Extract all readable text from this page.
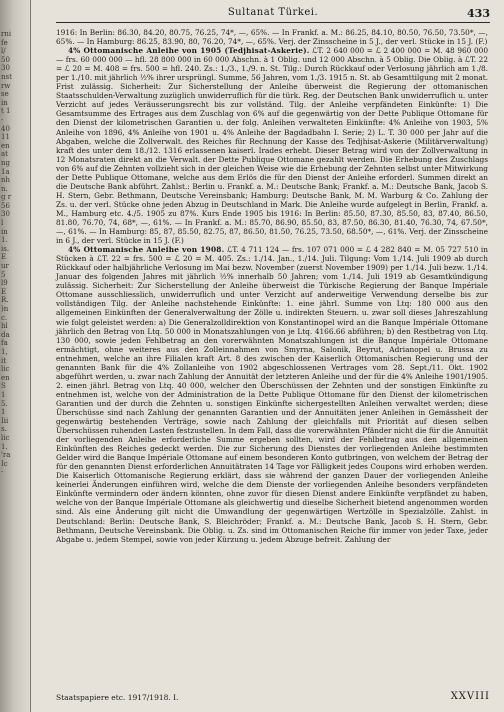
rni
fe
l/
50
30
nst
rw
se
in
t 1
-
40
11
en
at
ng
1a
nh
n.
g r
56
30
l
in
1.
is.
E
ur
5
l9
E
R.
)n
c.
hl
da
fa
1,
it
lic
en
S
1
5.
1
Iii
s.
lic
1.
'ra
Ic
-
Sultanat Türkei.	433

1916: In Berlin: 86.30, 84.20, 80.75, 76.25, 74*, —, 65%. — In Frankf. a. M.: 86.25, 84.10, 80.50, 76.50, 73.50*, —, 65%. — In Hamburg: 86.25, 83.90, 80, 76.20, 74*, —, 65%. Verj. der Zinsscheine in 5 J., der verl. Stücke in 15 J. (F.)

4% Ottomanische Anleihe von 1905 (Tedjhisat-Askerie). ℒT. 2 640 000 = ℒ 2 400 000 = M. 48 960 000 — frs. 60 000 000 — hfl. 28 800 000 in 60 000 Abschn. à 1 Oblig. und 12 000 Abschn. à 5 Oblig. Die Oblig. à ℒT. 22 = ℒ 20 = M. 408 = frs. 500 = hfl. 240. Zs.: 1./3., 1./9. n. St. Tilg.: Durch Rückkauf oder Verlosung jährlich am 1./8. per 1./10. mit jährlich ½% ihrer ursprüngl. Summe, 56 Jahren, vom 1./3. 1915 n. St. ab Gesamttilgung mit 2 monat. Frist zulässig. Sicherheit: Zur Sicherstellung der Anleihe überweist die Regierung der ottomanischen Staatsschulden-Verwaltung zuzüglich unwiderruflich für die türk. Reg. der Deutschen Bank unwiderruflich u. unter Verzicht auf jedes Veräusserungsrecht bis zur vollständ. Tilg. der Anleihe verpfändeten Einkünfte: 1) Die Gesamtsumme des Ertrages aus dem Zuschlag von 6% auf die gegenwärtig von der Dette Publique Ottomane für den Dienst der kilometrischen Garantien u. der folg. Anleihen verwalteten Einkünfte: 4% Anleihe von 1903, 5% Anleihe von 1896, 4% Anleihe von 1901 u. 4% Anleihe der Bagdadbahn I. Serie; 2) L. T. 30 000 per Jahr auf die Abgaben, welche die Zollverwalt. des Reiches für Rechnung der Kasse des Tedjhisat-Askerie (Militärverwaltung) kraft des unter dem 18./12. 1316 erlassenen kaiserl. Irades erhebt. Dieser Betrag wird von der Zollverwaltung in 12 Monatsraten direkt an die Verwalt. der Dette Publique Ottomane gezahlt werden. Die Erhebung des Zuschlags von 6% auf die Zehnten vollzieht sich in der gleichen Weise wie die Erhebung der Zehnten selbst unter Mitwirkung der Dette Publique Ottomane, welche aus dem Erlös die für den Dienst der Anleihe erforderl. Summen direkt an die Deutsche Bank abführt. Zahlst.: Berlin u. Frankf. a. M.: Deutsche Bank; Frankf. a. M.: Deutsche Bank, Jacob S. H. Stern, Gebr. Bethmann, Deutsche Vereinsbank; Hamburg: Deutsche Bank, M. M. Warburg & Co. Zahlung der Zs. u. der verl. Stücke ohne jeden Abzug in Deutschland in Mark. Die Anleihe wurde aufgelegt in Berlin, Frankf. a. M., Hamburg etc. 4./5. 1905 zu 87%. Kurs Ende 1905 bis 1916: In Berlin: 85.50, 87.30, 85.50, 83, 87.40, 86.50, 81.80, 76.70, 74, 68*, —, 61%. — In Frankf. a. M.: 85.70, 86.90, 85.50, 83, 87.50, 86.30, 81.40, 76.30, 74, 67.50*, —, 61%. — In Hamburg: 85, 87, 85.50, 82.75, 87, 86.50, 81.50, 76.25, 73.50, 68.50*, —, 61%. Verj. der Zinsscheine in 6 J., der verl. Stücke in 15 J. (F.)

4% Ottomanische Anleihe von 1908. ℒT. 4 711 124 — frs. 107 071 000 = ℒ 4 282 840 = M. 05 727 510 in Stücken à ℒT. 22 = frs. 500 = ℒ 20 = M. 405. Zs.: 1./14. Jan., 1./14. Juli. Tilgung: Vom 1./14. Juli 1909 ab durch Rückkauf oder halbjährliche Verlosung im Mai bezw. November (zuerst November 1909) per 1./14. Juli bezw. 1./14. Januar des folgenden Jahres mit jährlich ½% innerhalb 50 Jahren; vom 1./14. Juli 1919 ab Gesamtkündigung zulässig. Sicherheit: Zur Sicherstellung der Anleihe überweist die Türkische Regierung der Banque Impériale Ottomane ausschliesslich, unwiderruflich und unter Verzicht auf anderweitige Verwendung derselbe bis zur vollständigen Tilg. der Anleihe nachstehende Einkünfte: 1. eine jährl. Summe von Ltq: 180 000 aus den allgemeinen Einkünften der Generalverwaltung der Zölle u. indirekten Steuern. u. zwar soll dieses Jahreszahlung wie folgt geleistet werden: a) Die Generalzolldirektion von Konstantinopel wird an die Banque Impériale Ottomane jährlich den Betrag von Ltq. 50 000 in Monatszahlungen von je Ltq. 4166.66 abführen; b) den Restbetrag von Ltq. 130 000, sowie jeden Fehlbetrag an den vorerwähnten Monatszahlungen ist die Banque Impériale Ottomane ermächtigt, ohne weiteres aus den Zolleinnahmen von Smyrna, Salonik, Beyrut, Adrianopel u. Brussa zu entnehmen, welche an ihre Filialen kraft Art. 8 des zwischen der Kaiserlich Ottomanischen Regierung und der genannten Bank für die 4% Zollanleihe von 1902 abgeschlossenen Vertrages vom 28. Sept./11. Okt. 1902 abgeführt werden, u. zwar nach Zahlung der Annuität der letzteren Anleihe und der für die 4% Anleihe 1901/1905. 2. einen jährl. Betrag von Ltq. 40 000, welcher den Überschüssen der Zehnten und der sonstigen Einkünfte zu entnehmen ist, welche von der Administration de la Dette Publique Ottomane für den Dienst der kilometrischen Garantien und der durch die Zehnten u. sonstigen Einkünfte sichergestellten Anleihen verwaltet werden; diese Überschüsse sind nach Zahlung der genannten Garantien und der Annuitäten jener Anleihen in Gemässheit der gegenwärtig bestehenden Verträge, sowie nach Zahlung der gleichfalls mit Priorität auf diesen selben Überschüssen ruhenden Lasten festzustellen. In dem Fall, dass die vorerwähnten Pfänder nicht die für die Annuität der vorliegenden Anleihe erforderliche Summe ergeben sollten, wird der Fehlbetrag aus den allgemeinen Einkünften des Reiches gedeckt werden. Die zur Sicherung des Dienstes der vorliegenden Anleihe bestimmten Gelder wird die Banque Impériale Ottomane auf einem besonderen Konto gutbringen, von welchem der Betrag der für den genannten Dienst erforderlichen Annuitätraten 14 Tage vor Fälligkeit jedes Coupons wird erhoben werden. Die Kaiserlich Ottomanische Regierung erklärt, dass sie während der ganzen Dauer der vorliegenden Anleihe keinerlei Änderungen einführen wird, welche die dem Dienste der vorliegenden Anleihe besonders verpfändeten Einkünfte vermindern oder ändern könnten, ohne zuvor für diesen Dienst andere Einkünfte verpfändet zu haben, welche von der Banque Impériale Ottomane als gleichwertig und dieselbe Sicherheit bietend angenommen worden sind. Als eine Änderung gilt nicht die Umwandlung der gegenwärtigen Wertzölle in Spezialzölle. Zahlst. in Deutschland: Berlin: Deutsche Bank, S. Bleichröder; Frankf. a. M.: Deutsche Bank, Jacob S. H. Stern, Gebr. Bethmann, Deutsche Vereinsbank. Die Oblig. u. Zs. sind im Ottomanischen Reiche für immer von jeder Taxe, jeder Abgabe u. jedem Stempel, sowie von jeder Kürzung u. jedem Abzuge befreit. Zahlung der

Staatspapiere etc. 1917/1918. I.	XXVIII
